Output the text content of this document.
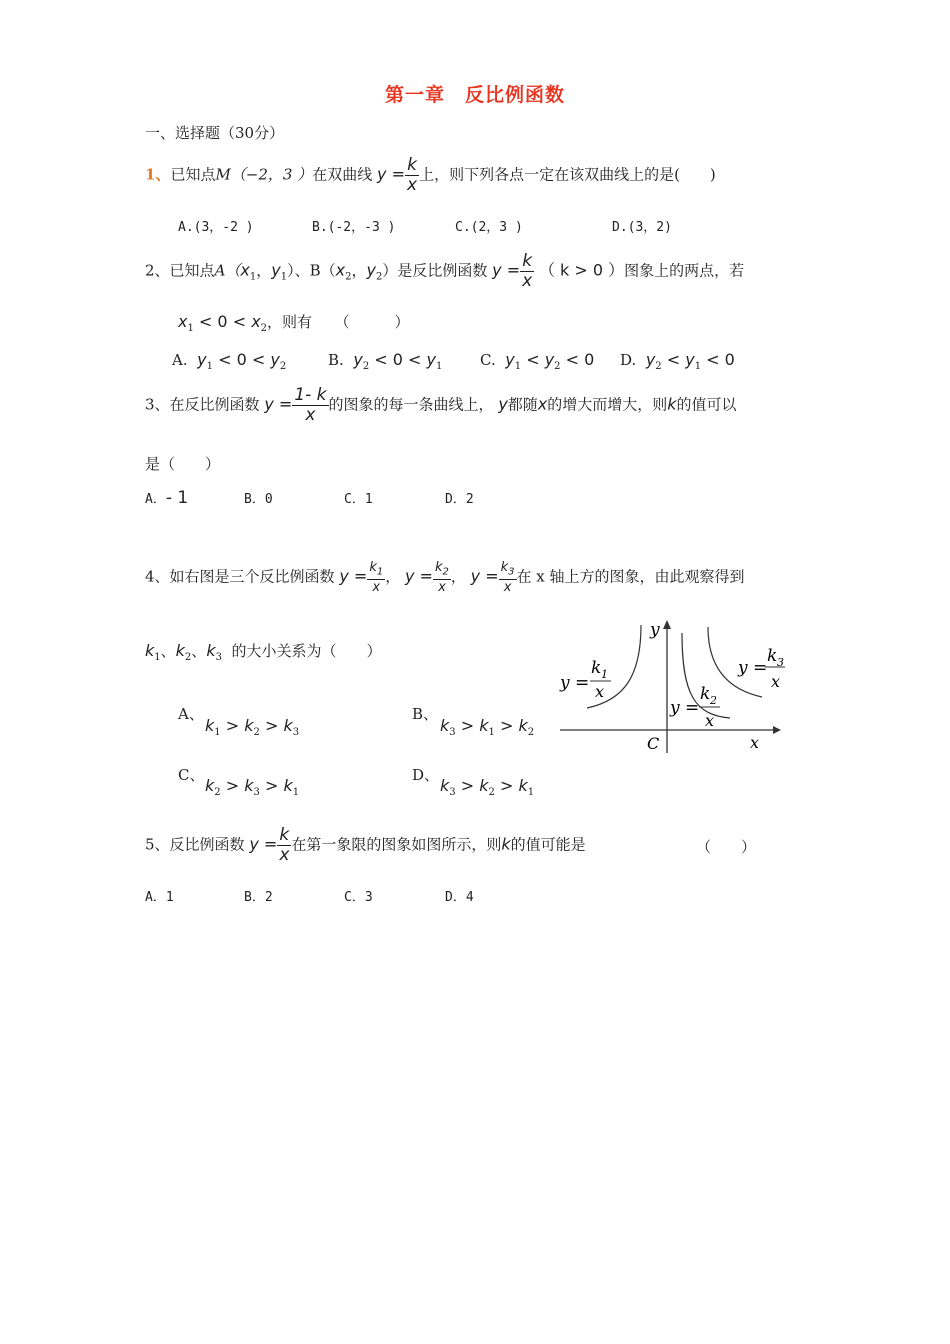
第一章　反比例函数
一、选择题（30分）
1、已知点M（−2，3 ）在双曲线 $y = \frac{k}{x}$ 上，则下列各点一定在该双曲线上的是(　　)
A.(3，-2 )	B.(-2，-3 )	C.(2，3 )	D.(3，2)
2、已知点$A(x_1$，$y_1$）、$B(x_2$，$y_2$）是反比例函数 $y = \frac{k}{x}$ （ k > 0 ）图象上的两点，若
$x_1 < 0 < x_2$，则有　　（　　　）
A. $y_1 < 0 < y_2$	B. $y_2 < 0 < y_1$	C. $y_1 < y_2 < 0$ D. $y_2 < y_1 < 0$
3、在反比例函数 $y = \frac{1- k}{x}$ 的图象的每一条曲线上， y都随x的增大而增大，则k的值可以
是（　　）
A．- 1	B．0	C．1	D．2
4、如右图是三个反比例函数 $y = \frac{k_1}{x}$ ， $y = \frac{k_2}{x}$ ， $y = \frac{k_3}{x}$ 在 x 轴上方的图象，由此观察得到
$k_1$、$k_2$、$k_3$ 的大小关系为（　　）
A、
$k_1 > k_2 > k_3$
B、
$k_3 > k_1 > k_2$
C、
$k_2 > k_3 > k_1$
D、
$k_3 > k_2 > k_1$
y
x
C
y =
k 1
x
y =
k 2
x
y =
k 3
x
5、反比例函数 $y = \frac{k}{x}$ 在第一象限的图象如图所示，则k的值可能是	（　　）
A．1	B．2	C．3	D．4
